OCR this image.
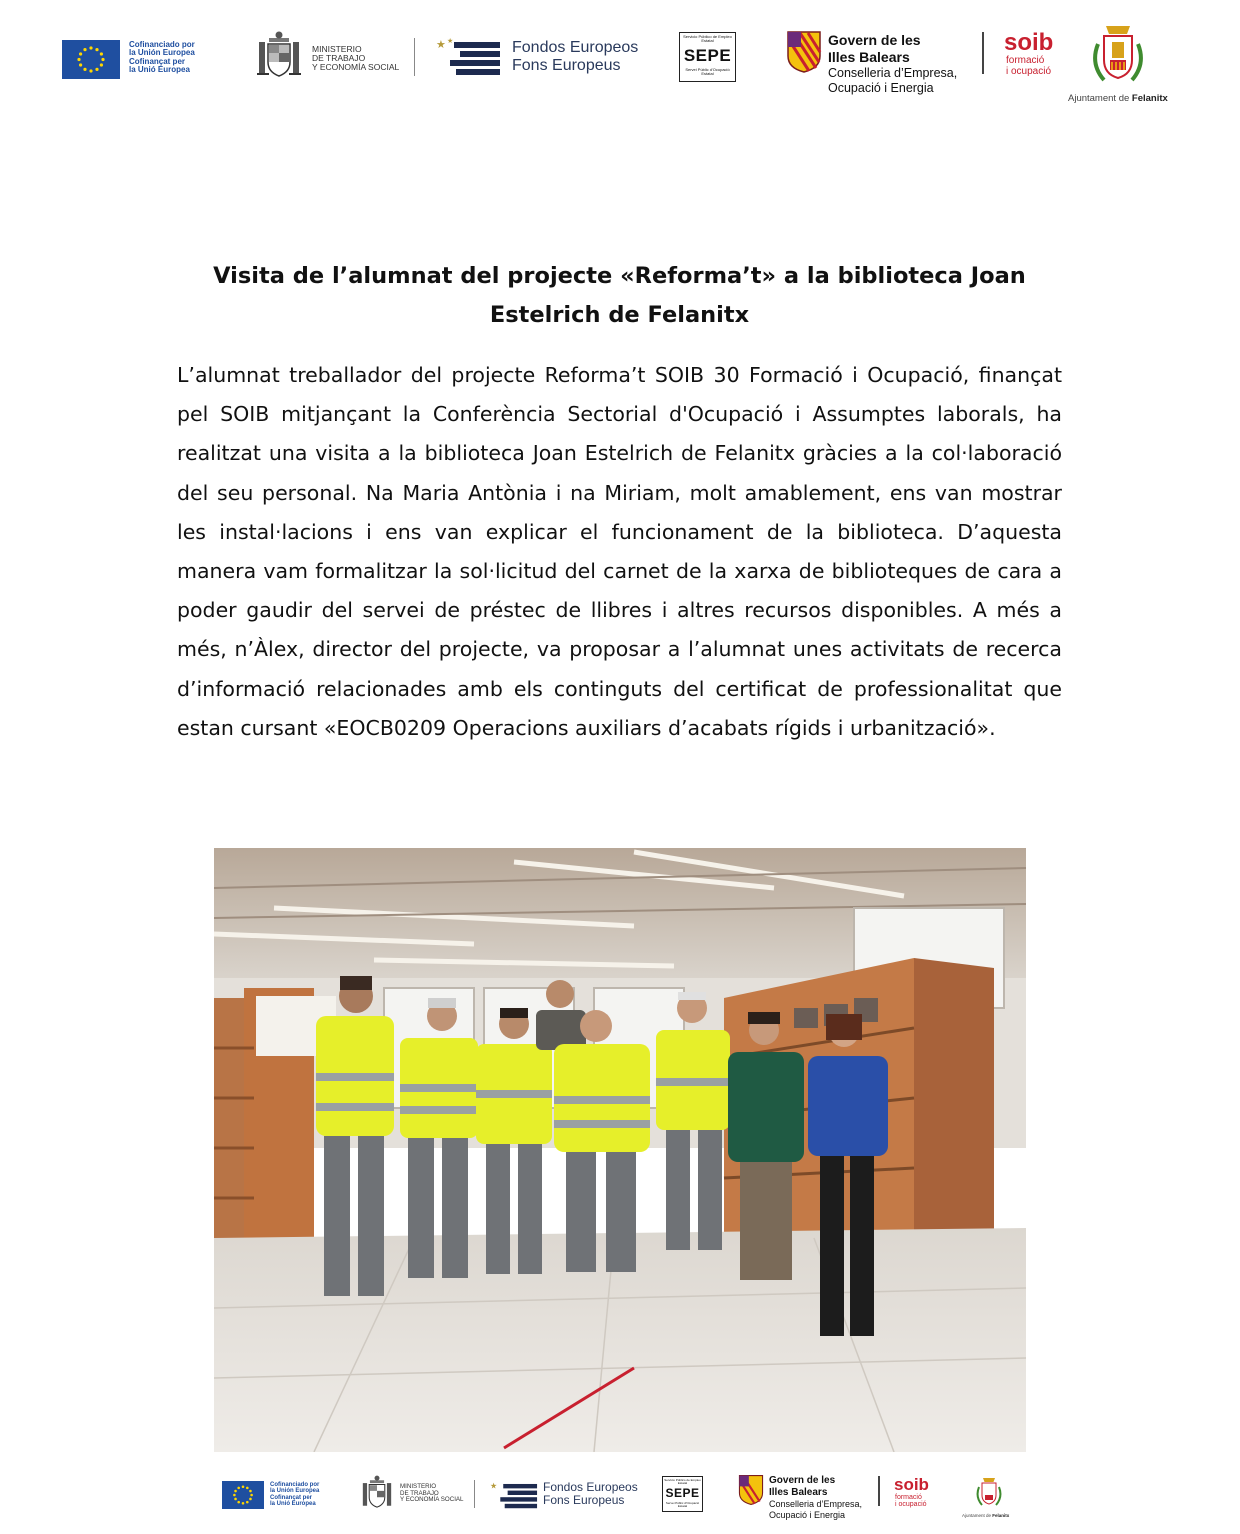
Cofinanciado por
la Unión Europea
Cofinançat per
la Unió Europea
MINISTERIO
DE TRABAJO
Y ECONOMÍA SOCIAL
★ ★	Fondos Europeos
Fons Europeus
Servicio Público de Empleo Estatal
SEPE
Servei Públic d'Ocupació Estatal
Govern de les
Illes Balears
Conselleria d’Empresa,
Ocupació i Energia
soib
formació
i ocupació
Ajuntament de Felanitx
Visita de l’alumnat del projecte «Reforma’t» a la biblioteca Joan Estelrich de Felanitx
L’alumnat treballador del projecte Reforma’t SOIB 30 Formació i Ocupació, finançat pel SOIB mitjançant la Conferència Sectorial d'Ocupació i Assumptes laborals, ha realitzat una visita a la biblioteca Joan Estelrich de Felanitx gràcies a la col·laboració del seu personal. Na Maria Antònia i na Miriam, molt amablement, ens van mostrar les instal·lacions i ens van explicar el funcionament de la biblioteca. D’aquesta manera vam formalitzar la sol·licitud del carnet de la xarxa de biblioteques de cara a poder gaudir del servei de préstec de llibres i altres recursos disponibles. A més a més, n’Àlex, director del projecte, va proposar a l’alumnat unes activitats de recerca d’informació relacionades amb els continguts del certificat de professionalitat que estan cursant «EOCB0209 Operacions auxiliars d’acabats rígids i urbanització».
Cofinanciado por
la Unión Europea
Cofinançat per
la Unió Europea
MINISTERIO
DE TRABAJO
Y ECONOMÍA SOCIAL
★	Fondos Europeos
Fons Europeus
Servicio Público de Empleo Estatal
SEPE
Servei Públic d'Ocupació Estatal
Govern de les
Illes Balears
Conselleria d’Empresa,
Ocupació i Energia
soib
formació
i ocupació
Ajuntament de Felanitx
